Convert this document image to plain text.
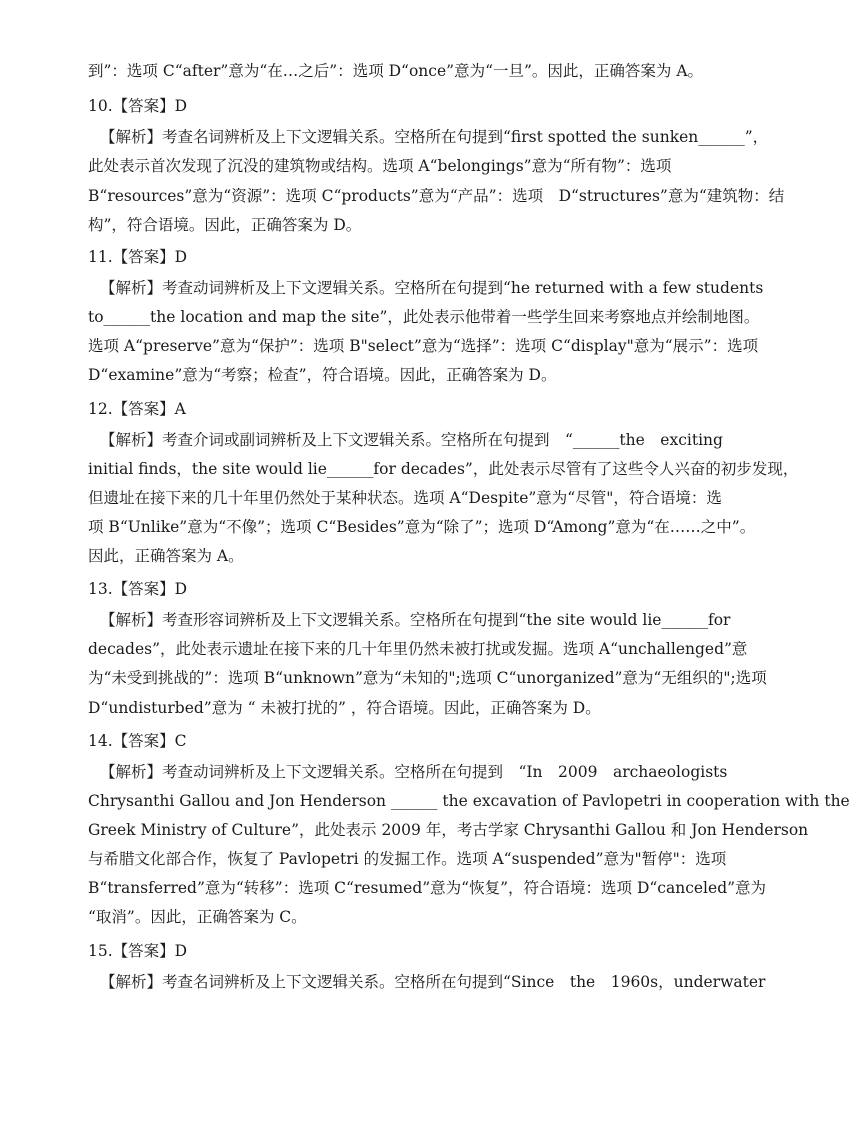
到”：选项 C“after”意为“在…之后”：选项 D“once”意为“一旦”。因此，正确答案为 A。
10.【答案】D
【解析】考查名词辨析及上下文逻辑关系。空格所在句提到“first spotted the sunken______”，
此处表示首次发现了沉没的建筑物或结构。选项 A“belongings”意为“所有物”：选项
B“resources”意为“资源”：选项 C“products”意为“产品”：选项　D“structures”意为“建筑物：结
构”，符合语境。因此，正确答案为 D。
11.【答案】D
【解析】考查动词辨析及上下文逻辑关系。空格所在句提到“he returned with a few students
to______the location and map the site”，此处表示他带着一些学生回来考察地点并绘制地图。
选项 A“preserve”意为“保护”：选项 B"select”意为“选择”：选项 C“display"意为“展示”：选项
D“examine”意为“考察；检查”，符合语境。因此，正确答案为 D。
12.【答案】A
【解析】考查介词或副词辨析及上下文逻辑关系。空格所在句提到　“______the　exciting
initial finds，the site would lie______for decades”，此处表示尽管有了这些令人兴奋的初步发现，
但遗址在接下来的几十年里仍然处于某种状态。选项 A“Despite”意为“尽管"，符合语境：选
项 B“Unlike”意为“不像”；选项 C“Besides”意为“除了”；选项 D“Among”意为“在……之中”。
因此，正确答案为 A。
13.【答案】D
【解析】考查形容词辨析及上下文逻辑关系。空格所在句提到“the site would lie______for
decades”，此处表示遗址在接下来的几十年里仍然未被打扰或发掘。选项 A“unchallenged”意
为“未受到挑战的”：选项 B“unknown”意为“未知的";选项 C“unorganized”意为“无组织的";选项
D“undisturbed”意为 “ 未被打扰的” ，符合语境。因此，正确答案为 D。
14.【答案】C
【解析】考查动词辨析及上下文逻辑关系。空格所在句提到　“In　2009　archaeologists
Chrysanthi Gallou and Jon Henderson ______ the excavation of Pavlopetri in cooperation with the
Greek Ministry of Culture”，此处表示 2009 年，考古学家 Chrysanthi Gallou 和 Jon Henderson
与希腊文化部合作，恢复了 Pavlopetri 的发掘工作。选项 A“suspended”意为"暂停"：选项
B“transferred”意为“转移”：选项 C“resumed”意为“恢复”，符合语境：选项 D“canceled”意为
“取消”。因此，正确答案为 C。
15.【答案】D
【解析】考查名词辨析及上下文逻辑关系。空格所在句提到“Since　the　1960s，underwater
